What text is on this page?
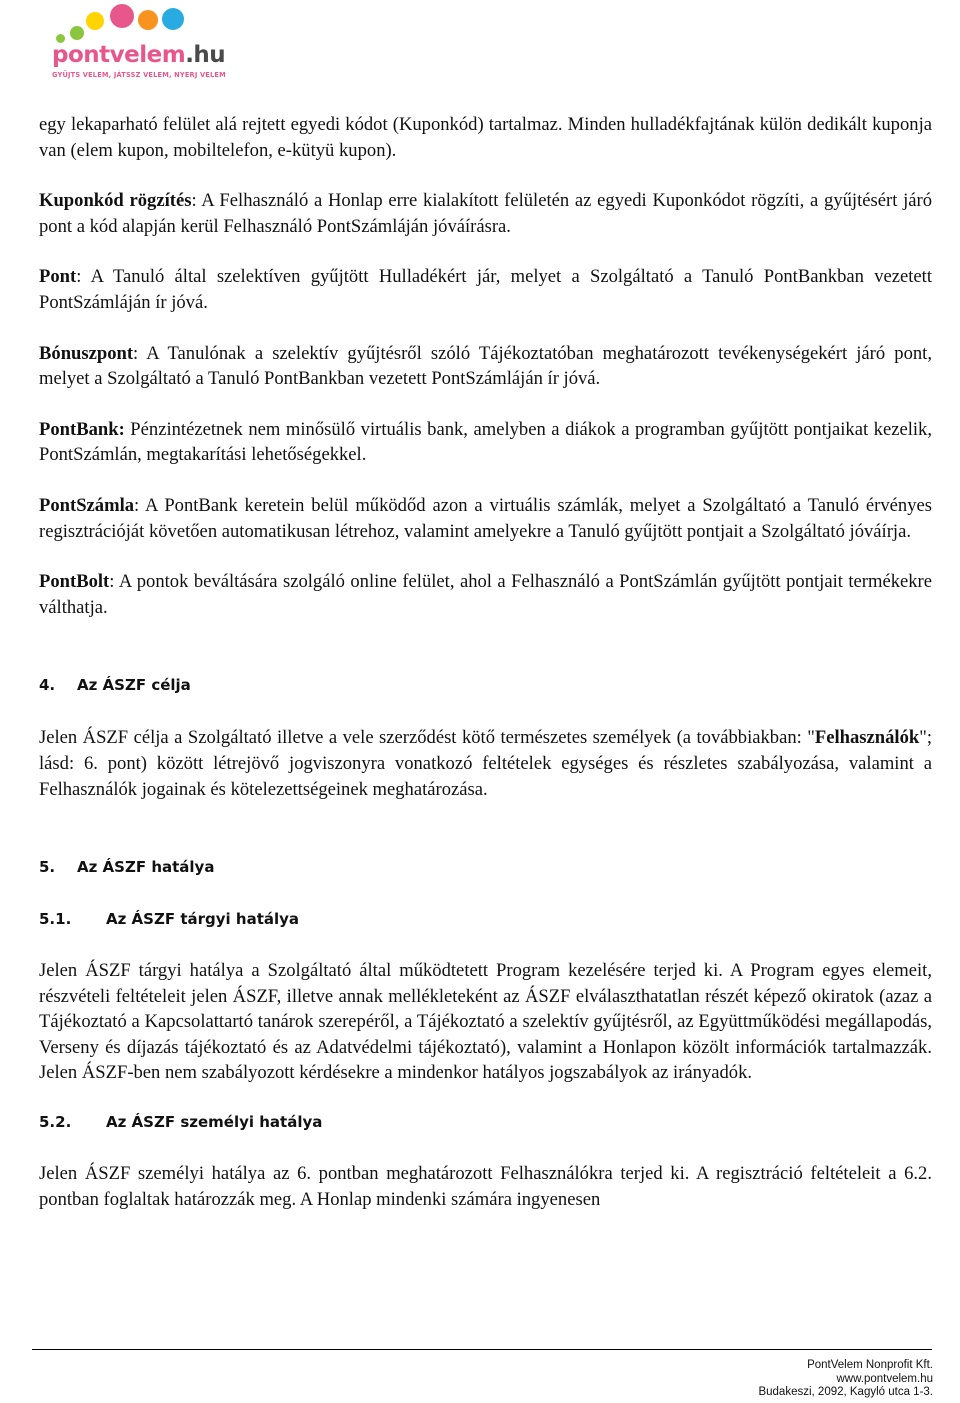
pontvelem.hu
GYŰJTS VELEM, JÁTSSZ VELEM, NYERJ VELEM

egy lekaparható felület alá rejtett egyedi kódot (Kuponkód) tartalmaz. Minden hulladékfajtának külön dedikált kuponja van (elem kupon, mobiltelefon, e-kütyü kupon).

Kuponkód rögzítés: A Felhasználó a Honlap erre kialakított felületén az egyedi Kuponkódot rögzíti, a gyűjtésért járó pont a kód alapján kerül Felhasználó PontSzámláján jóváírásra.

Pont: A Tanuló által szelektíven gyűjtött Hulladékért jár, melyet a Szolgáltató a Tanuló PontBankban vezetett PontSzámláján ír jóvá.

Bónuszpont: A Tanulónak a szelektív gyűjtésről szóló Tájékoztatóban meghatározott tevékenységekért járó pont, melyet a Szolgáltató a Tanuló PontBankban vezetett PontSzámláján ír jóvá.

PontBank: Pénzintézetnek nem minősülő virtuális bank, amelyben a diákok a programban gyűjtött pontjaikat kezelik, PontSzámlán, megtakarítási lehetőségekkel.

PontSzámla: A PontBank keretein belül működőd azon a virtuális számlák, melyet a Szolgáltató a Tanuló érvényes regisztrációját követően automatikusan létrehoz, valamint amelyekre a Tanuló gyűjtött pontjait a Szolgáltató jóváírja.

PontBolt: A pontok beváltására szolgáló online felület, ahol a Felhasználó a PontSzámlán gyűjtött pontjait termékekre válthatja.

4. Az ÁSZF célja

Jelen ÁSZF célja a Szolgáltató illetve a vele szerződést kötő természetes személyek (a továbbiakban: "Felhasználók"; lásd: 6. pont) között létrejövő jogviszonyra vonatkozó feltételek egységes és részletes szabályozása, valamint a Felhasználók jogainak és kötelezettségeinek meghatározása.

5. Az ÁSZF hatálya
5.1. Az ÁSZF tárgyi hatálya

Jelen ÁSZF tárgyi hatálya a Szolgáltató által működtetett Program kezelésére terjed ki. A Program egyes elemeit, részvételi feltételeit jelen ÁSZF, illetve annak mellékleteként az ÁSZF elválaszthatatlan részét képező okiratok (azaz a Tájékoztató a Kapcsolattartó tanárok szerepéről, a Tájékoztató a szelektív gyűjtésről, az Együttműködési megállapodás, Verseny és díjazás tájékoztató és az Adatvédelmi tájékoztató), valamint a Honlapon közölt információk tartalmazzák. Jelen ÁSZF-ben nem szabályozott kérdésekre a mindenkor hatályos jogszabályok az irányadók.

5.2. Az ÁSZF személyi hatálya

Jelen ÁSZF személyi hatálya az 6. pontban meghatározott Felhasználókra terjed ki. A regisztráció feltételeit a 6.2. pontban foglaltak határozzák meg. A Honlap mindenki számára ingyenesen

PontVelem Nonprofit Kft.
www.pontvelem.hu
Budakeszi, 2092, Kagyló utca 1-3.
